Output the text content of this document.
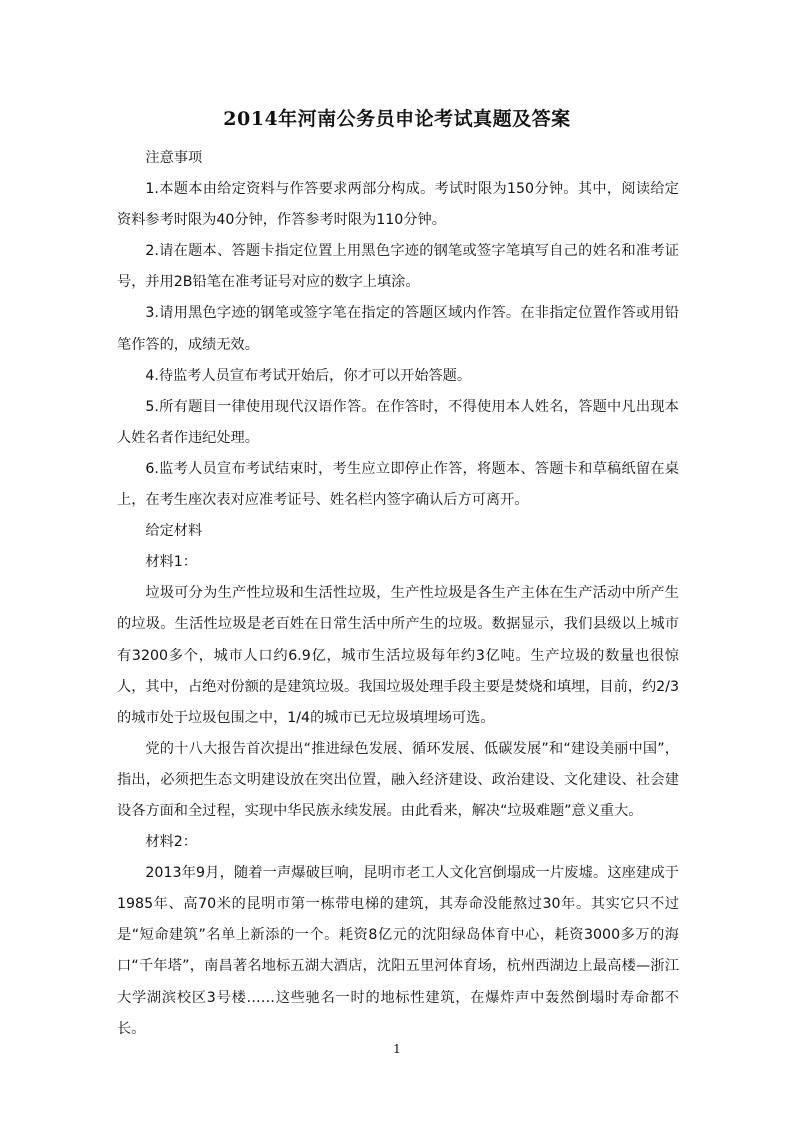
2014年河南公务员申论考试真题及答案

注意事项

1.本题本由给定资料与作答要求两部分构成。考试时限为150分钟。其中，阅读给定资料参考时限为40分钟，作答参考时限为110分钟。

2.请在题本、答题卡指定位置上用黑色字迹的钢笔或签字笔填写自己的姓名和准考证号，并用2B铅笔在准考证号对应的数字上填涂。

3.请用黑色字迹的钢笔或签字笔在指定的答题区域内作答。在非指定位置作答或用铅笔作答的，成绩无效。

4.待监考人员宣布考试开始后，你才可以开始答题。

5.所有题目一律使用现代汉语作答。在作答时，不得使用本人姓名，答题中凡出现本人姓名者作违纪处理。

6.监考人员宣布考试结束时，考生应立即停止作答，将题本、答题卡和草稿纸留在桌上，在考生座次表对应准考证号、姓名栏内签字确认后方可离开。

给定材料

材料1：

垃圾可分为生产性垃圾和生活性垃圾，生产性垃圾是各生产主体在生产活动中所产生的垃圾。生活性垃圾是老百姓在日常生活中所产生的垃圾。数据显示，我们县级以上城市有3200多个，城市人口约6.9亿，城市生活垃圾每年约3亿吨。生产垃圾的数量也很惊人，其中，占绝对份额的是建筑垃圾。我国垃圾处理手段主要是焚烧和填埋，目前，约2/3的城市处于垃圾包围之中，1/4的城市已无垃圾填埋场可选。

党的十八大报告首次提出“推进绿色发展、循环发展、低碳发展”和“建设美丽中国”，指出，必须把生态文明建设放在突出位置，融入经济建设、政治建设、文化建设、社会建设各方面和全过程，实现中华民族永续发展。由此看来，解决“垃圾难题”意义重大。

材料2：

2013年9月，随着一声爆破巨响，昆明市老工人文化宫倒塌成一片废墟。这座建成于1985年、高70米的昆明市第一栋带电梯的建筑，其寿命没能熬过30年。其实它只不过是“短命建筑”名单上新添的一个。耗资8亿元的沈阳绿岛体育中心，耗资3000多万的海口“千年塔”，南昌著名地标五湖大酒店，沈阳五里河体育场，杭州西湖边上最高楼—浙江大学湖滨校区3号楼……这些驰名一时的地标性建筑，在爆炸声中轰然倒塌时寿命都不长。

1
